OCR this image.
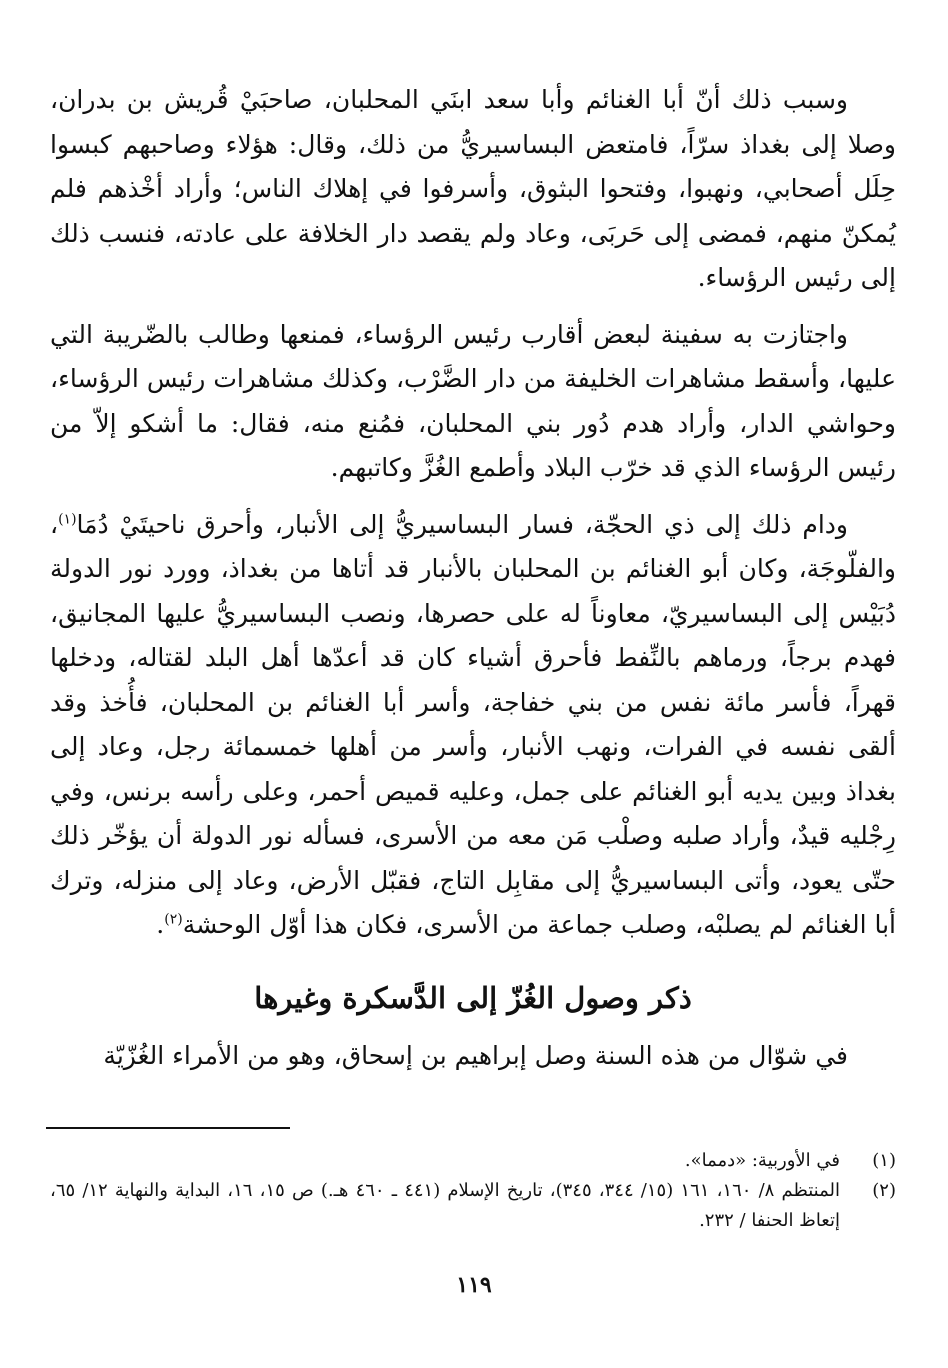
وسبب ذلك أنّ أبا الغنائم وأبا سعد ابنَي المحلبان، صاحبَيْ قُريش بن بدران، وصلا إلى بغداذ سرّاً، فامتعض البساسيريُّ من ذلك، وقال: هؤلاء وصاحبهم كبسوا حِلَل أصحابي، ونهبوا، وفتحوا البثوق، وأسرفوا في إهلاك الناس؛ وأراد أخْذهم فلم يُمكنّ منهم، فمضى إلى حَربَى، وعاد ولم يقصد دار الخلافة على عادته، فنسب ذلك إلى رئيس الرؤساء.

واجتازت به سفينة لبعض أقارب رئيس الرؤساء، فمنعها وطالب بالضّريبة التي عليها، وأسقط مشاهرات الخليفة من دار الضَّرْب، وكذلك مشاهرات رئيس الرؤساء، وحواشي الدار، وأراد هدم دُور بني المحلبان، فمُنع منه، فقال: ما أشكو إلاّ من رئيس الرؤساء الذي قد خرّب البلاد وأطمع الغُزَّ وكاتبهم.

ودام ذلك إلى ذي الحجّة، فسار البساسيريُّ إلى الأنبار، وأحرق ناحيتَيْ دُمَا$^{(١)}$، والفلّوجَة، وكان أبو الغنائم بن المحلبان بالأنبار قد أتاها من بغداذ، وورد نور الدولة دُبَيْس إلى البساسيريّ، معاوناً له على حصرها، ونصب البساسيريُّ عليها المجانيق، فهدم برجاً، ورماهم بالنِّفط فأحرق أشياء كان قد أعدّها أهل البلد لقتاله، ودخلها قهراً، فأسر مائة نفس من بني خفاجة، وأسر أبا الغنائم بن المحلبان، فأُخذ وقد ألقى نفسه في الفرات، ونهب الأنبار، وأسر من أهلها خمسمائة رجل، وعاد إلى بغداذ وبين يديه أبو الغنائم على جمل، وعليه قميص أحمر، وعلى رأسه برنس، وفي رِجْليه قيدٌ، وأراد صلبه وصلْب مَن معه من الأسرى، فسأله نور الدولة أن يؤخّر ذلك حتّى يعود، وأتى البساسيريُّ إلى مقابِل التاج، فقبّل الأرض، وعاد إلى منزله، وترك أبا الغنائم لم يصلبْه، وصلب جماعة من الأسرى، فكان هذا أوّل الوحشة$^{(٢)}$.

ذكر وصول الغُزّ إلى الدَّسكرة وغيرها

في شوّال من هذه السنة وصل إبراهيم بن إسحاق، وهو من الأمراء الغُزّيّة

(١)
في الأوربية: «دمما».
(٢)
المنتظم ٨/ ١٦٠، ١٦١ (١٥/ ٣٤٤، ٣٤٥)، تاريخ الإسلام (٤٤١ ـ ٤٦٠ هـ.) ص ١٥، ١٦، البداية والنهاية ١٢/ ٦٥، إتعاظ الحنفا / ٢٣٢.
١١٩
